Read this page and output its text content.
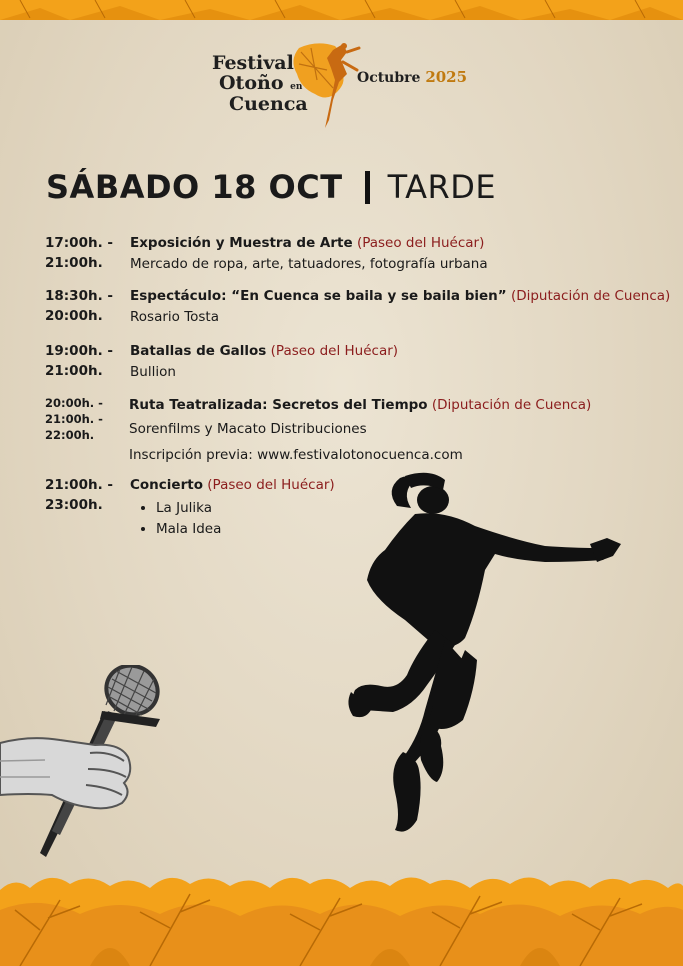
Festival
Otoño en
Cuenca
Octubre 2025
SÁBADO 18 OCT TARDE
17:00h. -
21:00h.
Exposición y Muestra de Arte (Paseo del Huécar)
Mercado de ropa, arte, tatuadores, fotografía urbana
18:30h. -
20:00h.
Espectáculo: “En Cuenca se baila y se baila bien” (Diputación de Cuenca)
Rosario Tosta
19:00h. -
21:00h.
Batallas de Gallos (Paseo del Huécar)
Bullion
20:00h. -
21:00h. -
22:00h.
Ruta Teatralizada: Secretos del Tiempo (Diputación de Cuenca)
Sorenfilms y Macato Distribuciones
Inscripción previa: www.festivalotonocuenca.com
21:00h. -
23:00h.
Concierto (Paseo del Huécar)
• La Julika
• Mala Idea
